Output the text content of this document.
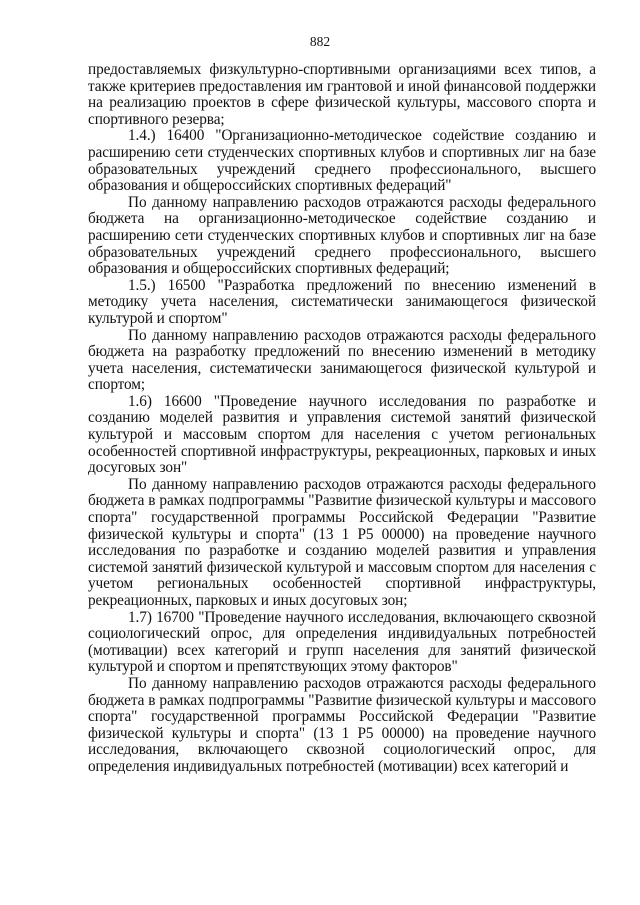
882

предоставляемых физкультурно-спортивными организациями всех типов, а также критериев предоставления им грантовой и иной финансовой поддержки на реализацию проектов в сфере физической культуры, массового спорта и спортивного резерва;

1.4.) 16400 "Организационно-методическое содействие созданию и расширению сети студенческих спортивных клубов и спортивных лиг на базе образовательных учреждений среднего профессионального, высшего образования и общероссийских спортивных федераций"

По данному направлению расходов отражаются расходы федерального бюджета на организационно-методическое содействие созданию и расширению сети студенческих спортивных клубов и спортивных лиг на базе образовательных учреждений среднего профессионального, высшего образования и общероссийских спортивных федераций;

1.5.) 16500 "Разработка предложений по внесению изменений в методику учета населения, систематически занимающегося физической культурой и спортом"

По данному направлению расходов отражаются расходы федерального бюджета на разработку предложений по внесению изменений в методику учета населения, систематически занимающегося физической культурой и спортом;

1.6) 16600 "Проведение научного исследования по разработке и созданию моделей развития и управления системой занятий физической культурой и массовым спортом для населения с учетом региональных особенностей спортивной инфраструктуры, рекреационных, парковых и иных досуговых зон"

По данному направлению расходов отражаются расходы федерального бюджета в рамках подпрограммы "Развитие физической культуры и массового спорта" государственной программы Российской Федерации "Развитие физической культуры и спорта" (13 1 Р5 00000) на проведение научного исследования по разработке и созданию моделей развития и управления системой занятий физической культурой и массовым спортом для населения с учетом региональных особенностей спортивной инфраструктуры, рекреационных, парковых и иных досуговых зон;

1.7) 16700 "Проведение научного исследования, включающего сквозной социологический опрос, для определения индивидуальных потребностей (мотивации) всех категорий и групп населения для занятий физической культурой и спортом и препятствующих этому факторов"

По данному направлению расходов отражаются расходы федерального бюджета в рамках подпрограммы "Развитие физической культуры и массового спорта" государственной программы Российской Федерации "Развитие физической культуры и спорта" (13 1 Р5 00000) на проведение научного исследования, включающего сквозной социологический опрос, для определения индивидуальных потребностей (мотивации) всех категорий и
